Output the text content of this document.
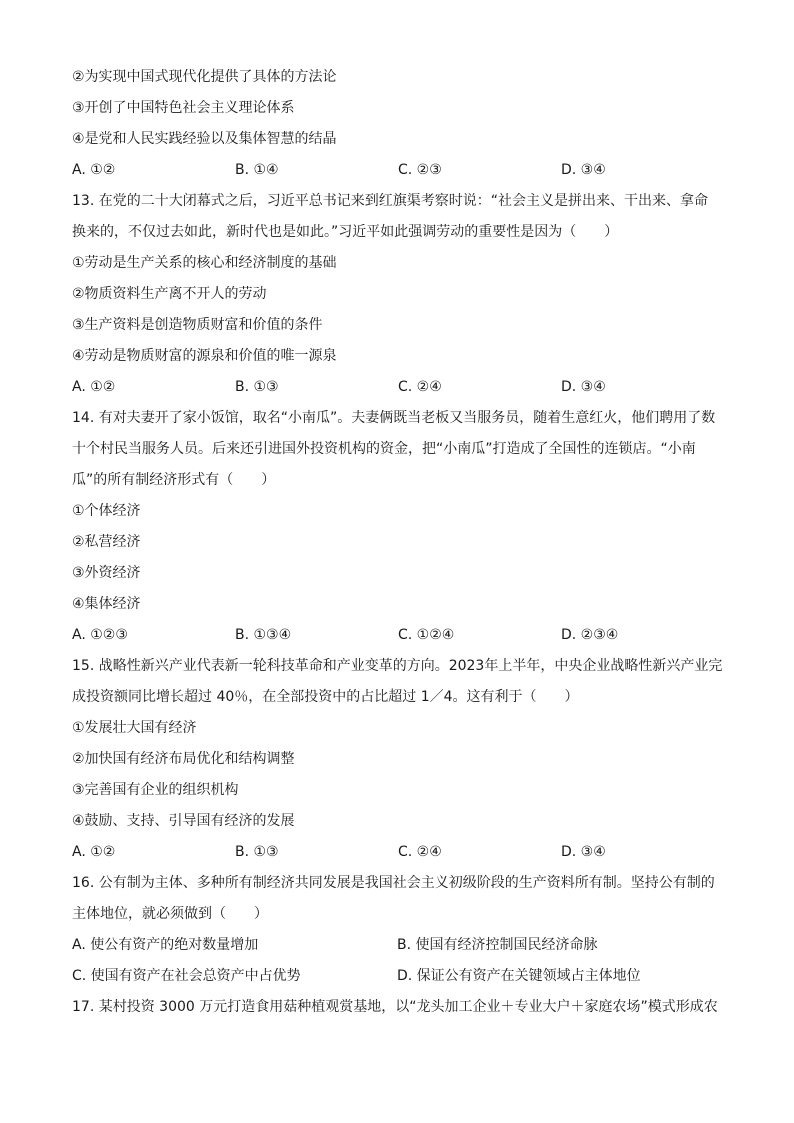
②为实现中国式现代化提供了具体的方法论
③开创了中国特色社会主义理论体系
④是党和人民实践经验以及集体智慧的结晶
A. ①②	B. ①④	C. ②③	D. ③④
13. 在党的二十大闭幕式之后，习近平总书记来到红旗渠考察时说：“社会主义是拼出来、干出来、拿命
换来的，不仅过去如此，新时代也是如此。”习近平如此强调劳动的重要性是因为（　　）
①劳动是生产关系的核心和经济制度的基础
②物质资料生产离不开人的劳动
③生产资料是创造物质财富和价值的条件
④劳动是物质财富的源泉和价值的唯一源泉
A. ①②	B. ①③	C. ②④	D. ③④
14. 有对夫妻开了家小饭馆，取名“小南瓜”。夫妻俩既当老板又当服务员，随着生意红火，他们聘用了数
十个村民当服务人员。后来还引进国外投资机构的资金，把“小南瓜”打造成了全国性的连锁店。“小南
瓜”的所有制经济形式有（　　）
①个体经济
②私营经济
③外资经济
④集体经济
A. ①②③	B. ①③④	C. ①②④	D. ②③④
15. 战略性新兴产业代表新一轮科技革命和产业变革的方向。2023年上半年，中央企业战略性新兴产业完
成投资额同比增长超过 40％，在全部投资中的占比超过 1／4。这有利于（　　）
①发展壮大国有经济
②加快国有经济布局优化和结构调整
③完善国有企业的组织机构
④鼓励、支持、引导国有经济的发展
A. ①②	B. ①③	C. ②④	D. ③④
16. 公有制为主体、多种所有制经济共同发展是我国社会主义初级阶段的生产资料所有制。坚持公有制的
主体地位，就必须做到（　　）
A. 使公有资产的绝对数量增加	B. 使国有经济控制国民经济命脉
C. 使国有资产在社会总资产中占优势	D. 保证公有资产在关键领域占主体地位
17. 某村投资 3000 万元打造食用菇种植观赏基地，以“龙头加工企业＋专业大户＋家庭农场”模式形成农
